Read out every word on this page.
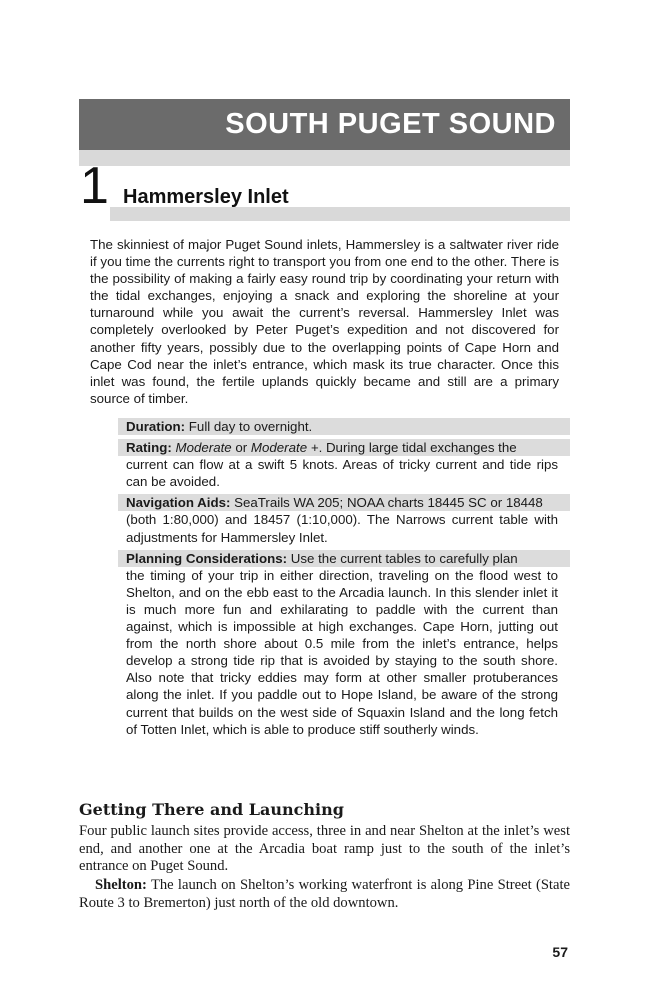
SOUTH PUGET SOUND
1 Hammersley Inlet

The skinniest of major Puget Sound inlets, Hammersley is a saltwater river ride if you time the currents right to transport you from one end to the other. There is the possibility of making a fairly easy round trip by coordinating your return with the tidal exchanges, enjoying a snack and exploring the shoreline at your turnaround while you await the current’s reversal. Hammersley Inlet was completely overlooked by Peter Puget’s expedition and not discovered for another fifty years, possibly due to the overlapping points of Cape Horn and Cape Cod near the inlet’s entrance, which mask its true character. Once this inlet was found, the fertile uplands quickly became and still are a primary source of timber.

Duration: Full day to overnight.

Rating: Moderate or Moderate +. During large tidal exchanges the

current can flow at a swift 5 knots. Areas of tricky current and tide rips can be avoided.

Navigation Aids: SeaTrails WA 205; NOAA charts 18445 SC or 18448

(both 1:80,000) and 18457 (1:10,000). The Narrows current table with adjustments for Hammersley Inlet.

Planning Considerations: Use the current tables to carefully plan

the timing of your trip in either direction, traveling on the flood west to Shelton, and on the ebb east to the Arcadia launch. In this slender inlet it is much more fun and exhilarating to paddle with the current than against, which is impossible at high exchanges. Cape Horn, jutting out from the north shore about 0.5 mile from the inlet’s entrance, helps develop a strong tide rip that is avoided by staying to the south shore. Also note that tricky eddies may form at other smaller protuberances along the inlet. If you paddle out to Hope Island, be aware of the strong current that builds on the west side of Squaxin Island and the long fetch of Totten Inlet, which is able to produce stiff southerly winds.

Getting There and Launching

Four public launch sites provide access, three in and near Shelton at the inlet’s west end, and another one at the Arcadia boat ramp just to the south of the inlet’s entrance on Puget Sound.

Shelton: The launch on Shelton’s working waterfront is along Pine Street (State Route 3 to Bremerton) just north of the old downtown.

57
